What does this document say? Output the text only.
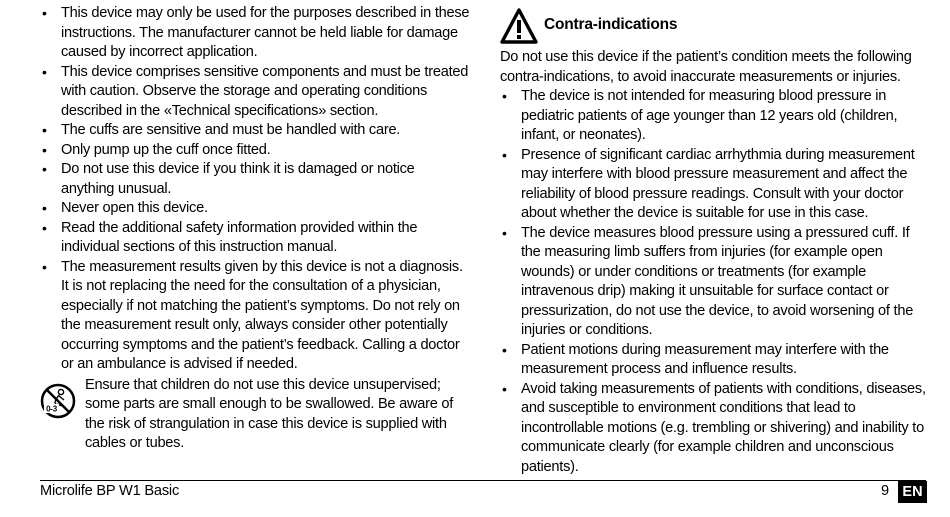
• This device may only be used for the purposes described in these instructions. The manufacturer cannot be held liable for damage caused by incorrect application.
• This device comprises sensitive components and must be treated with caution. Observe the storage and operating conditions described in the «Technical specifications» section.
• The cuffs are sensitive and must be handled with care.
• Only pump up the cuff once fitted.
• Do not use this device if you think it is damaged or notice anything unusual.
• Never open this device.
• Read the additional safety information provided within the individual sections of this instruction manual.
• The measurement results given by this device is not a diagnosis. It is not replacing the need for the consultation of a physician, especially if not matching the patient’s symptoms. Do not rely on the measurement result only, always consider other potentially occurring symptoms and the patient’s feedback. Calling a doctor or an ambulance is advised if needed.
0-3
Ensure that children do not use this device unsupervised; some parts are small enough to be swallowed. Be aware of the risk of strangulation in case this device is supplied with cables or tubes.
Contra-indications

Do not use this device if the patient’s condition meets the following contra-indications, to avoid inaccurate measurements or injuries.

• The device is not intended for measuring blood pressure in pediatric patients of age younger than 12 years old (children, infant, or neonates).
• Presence of significant cardiac arrhythmia during measurement may interfere with blood pressure measurement and affect the reliability of blood pressure readings. Consult with your doctor about whether the device is suitable for use in this case.
• The device measures blood pressure using a pressured cuff. If the measuring limb suffers from injuries (for example open wounds) or under conditions or treatments (for example intravenous drip) making it unsuitable for surface contact or pressurization, do not use the device, to avoid worsening of the injuries or conditions.
• Patient motions during measurement may interfere with the measurement process and influence results.
• Avoid taking measurements of patients with conditions, diseases, and susceptible to environment conditions that lead to incontrollable motions (e.g. trembling or shivering) and inability to communicate clearly (for example children and unconscious patients).
Microlife BP W1 Basic	9 EN
